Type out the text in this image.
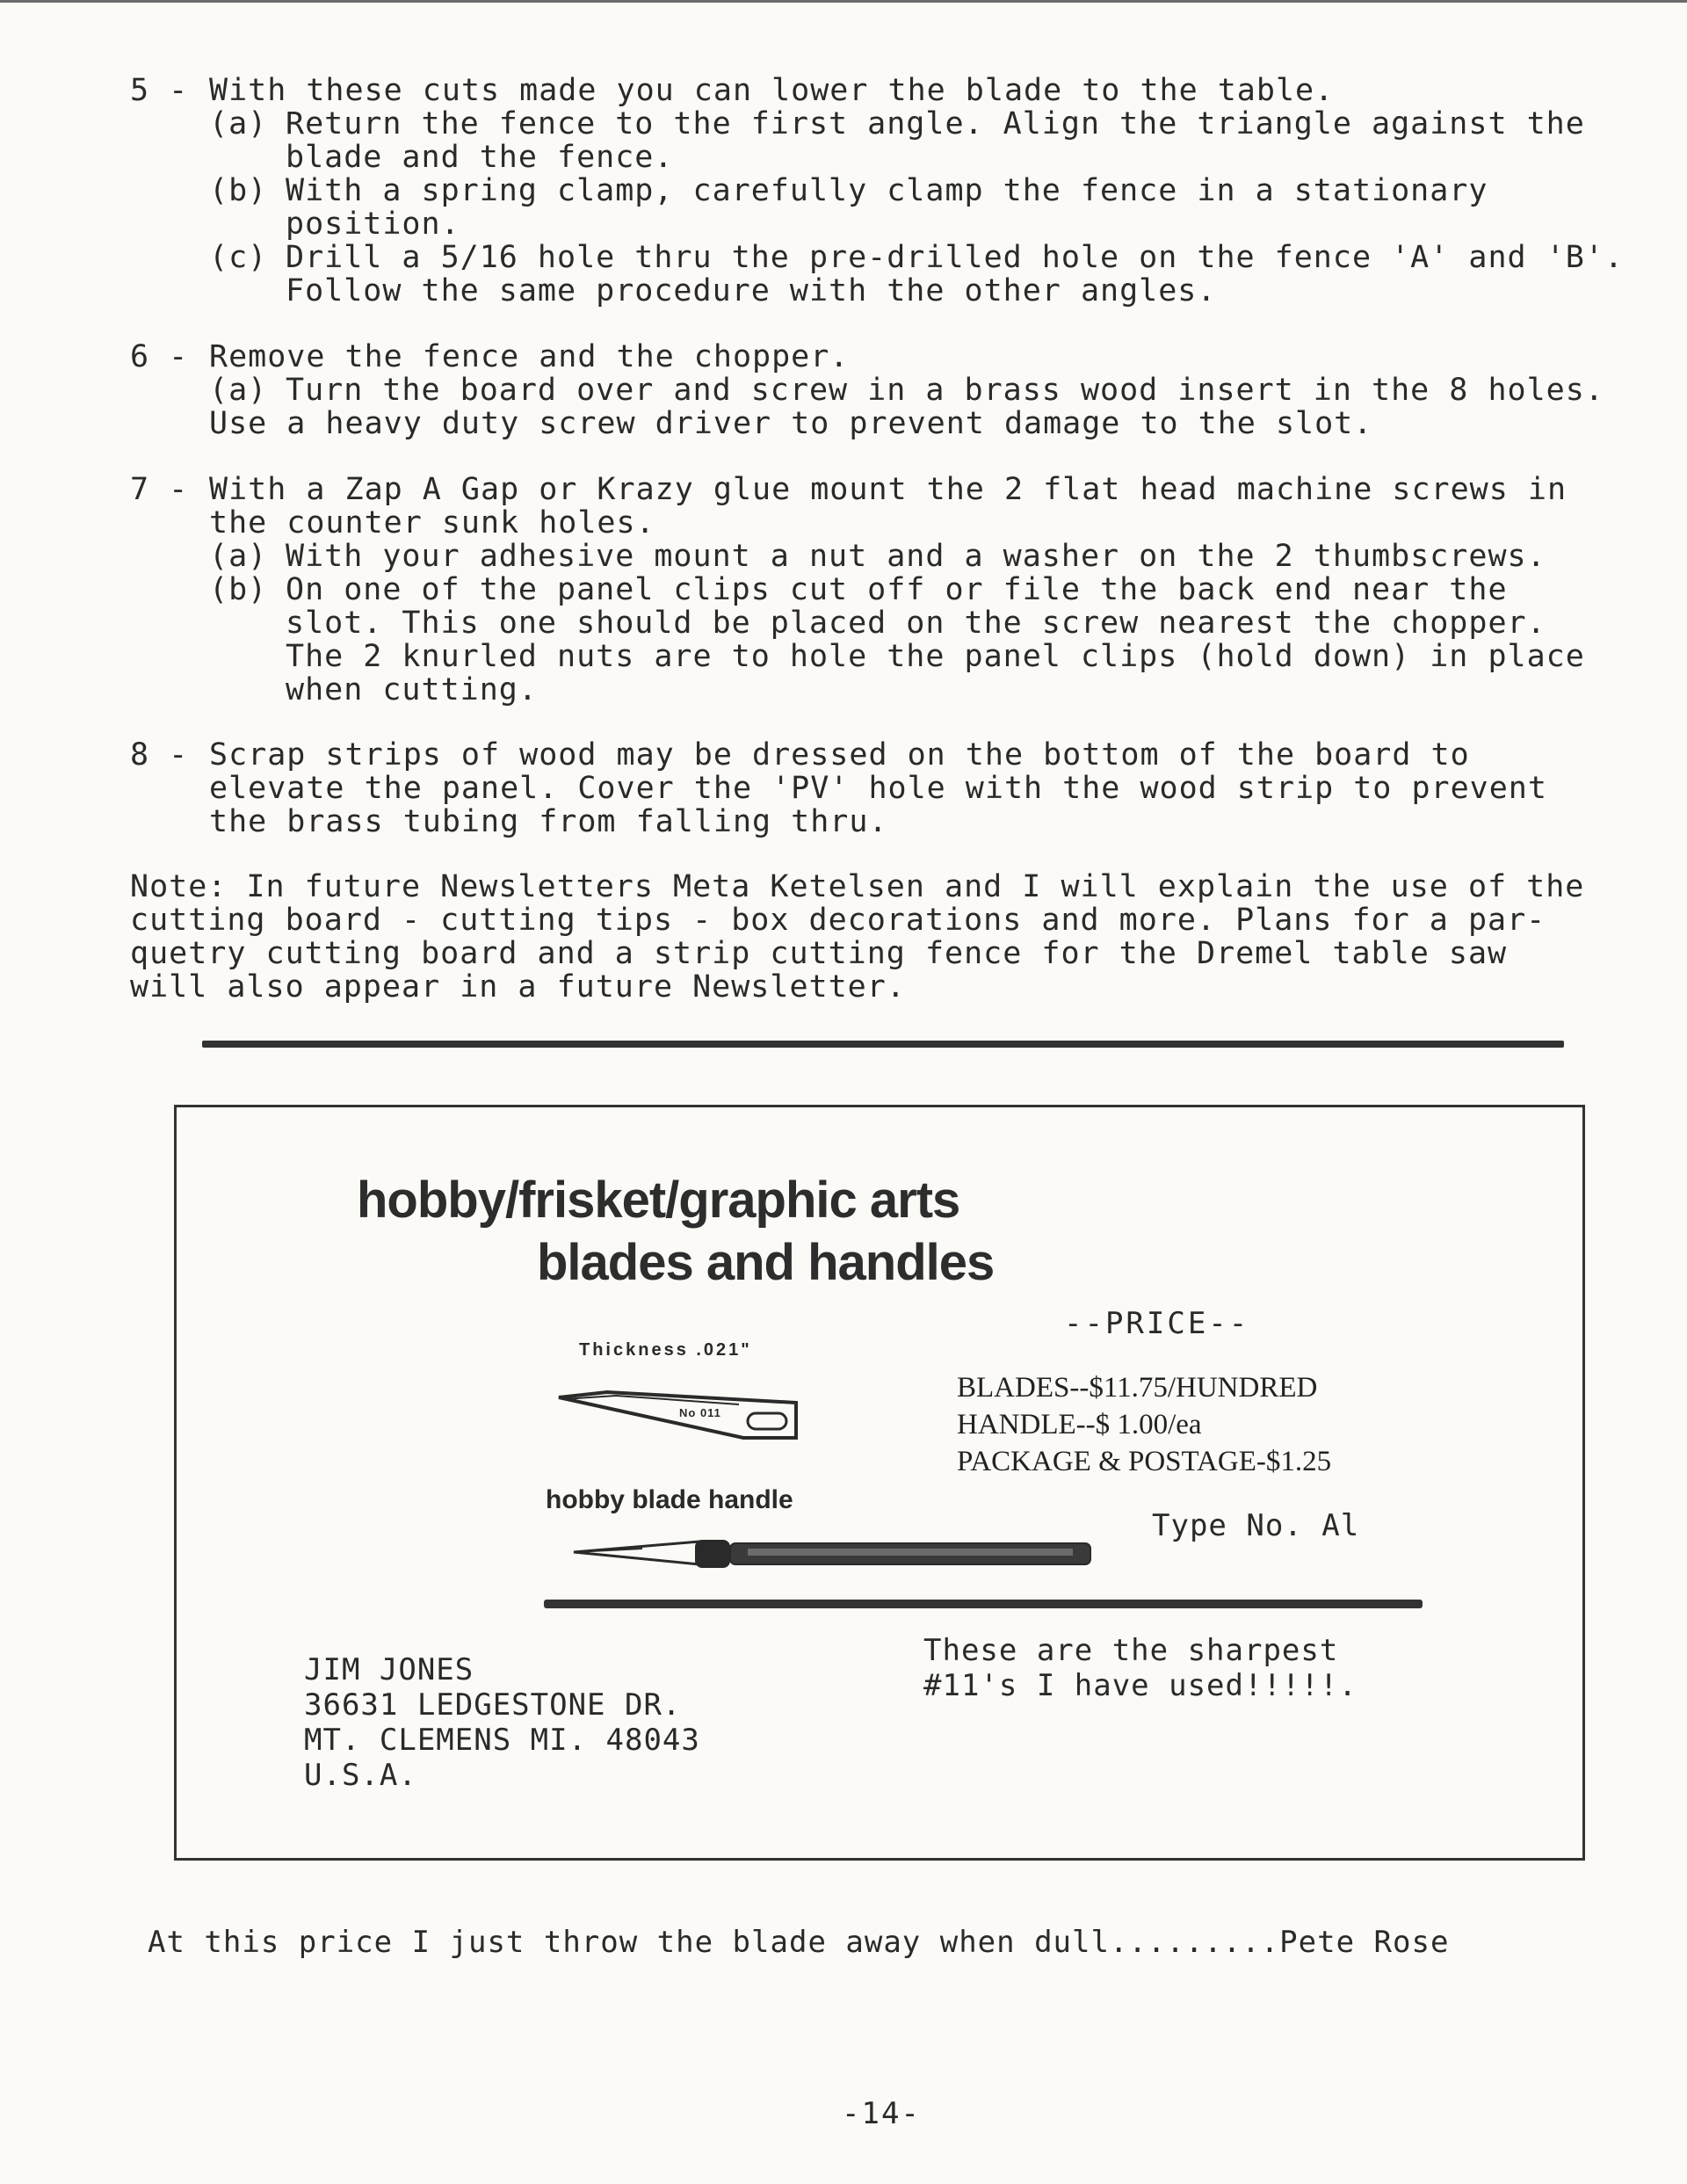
5 - With these cuts made you can lower the blade to the table.
(a) Return the fence to the first angle. Align the triangle against the
blade and the fence.
(b) With a spring clamp, carefully clamp the fence in a stationary
position.
(c) Drill a 5/16 hole thru the pre-drilled hole on the fence 'A' and 'B'.
Follow the same procedure with the other angles.
6 - Remove the fence and the chopper.
(a) Turn the board over and screw in a brass wood insert in the 8 holes.
Use a heavy duty screw driver to prevent damage to the slot.
7 - With a Zap A Gap or Krazy glue mount the 2 flat head machine screws in
the counter sunk holes.
(a) With your adhesive mount a nut and a washer on the 2 thumbscrews.
(b) On one of the panel clips cut off or file the back end near the
slot. This one should be placed on the screw nearest the chopper.
The 2 knurled nuts are to hole the panel clips (hold down) in place
when cutting.
8 - Scrap strips of wood may be dressed on the bottom of the board to
elevate the panel. Cover the 'PV' hole with the wood strip to prevent
the brass tubing from falling thru.
Note: In future Newsletters Meta Ketelsen and I will explain the use of the
cutting board - cutting tips - box decorations and more. Plans for a par-
quetry cutting board and a strip cutting fence for the Dremel table saw
will also appear in a future Newsletter.
hobby/frisket/graphic arts
blades and handles
Thickness .021"
No 011
hobby blade handle
--PRICE--
BLADES--$11.75/HUNDRED
HANDLE--$ 1.00/ea
PACKAGE & POSTAGE-$1.25
Type No. Al
JIM JONES
36631 LEDGESTONE DR.
MT. CLEMENS MI. 48043
U.S.A.
These are the sharpest
#11's I have used!!!!!.
At this price I just throw the blade away when dull.........Pete Rose
-14-
